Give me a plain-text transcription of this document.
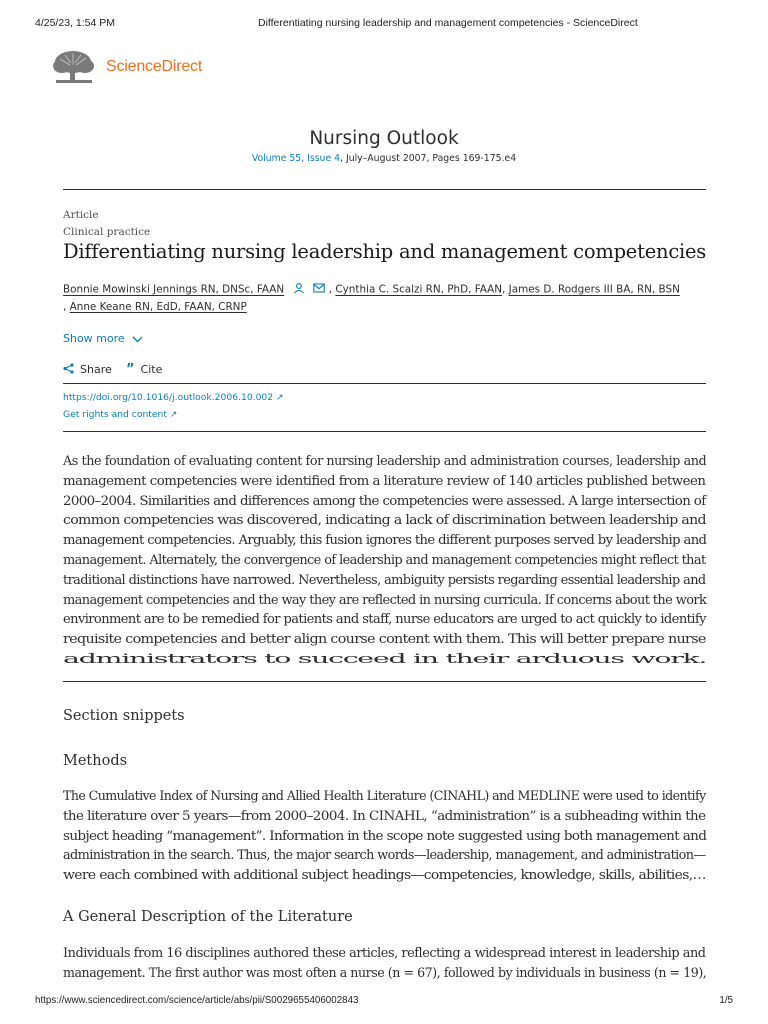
4/25/23, 1:54 PM	Differentiating nursing leadership and management competencies - ScienceDirect
ScienceDirect
Nursing Outlook
Volume 55, Issue 4, July–August 2007, Pages 169-175.e4
Article
Clinical practice
Differentiating nursing leadership and management competencies
Bonnie Mowinski Jennings RN, DNSc, FAAN	, Cynthia C. Scalzi RN, PhD, FAAN, James D. Rodgers III BA, RN, BSN
, Anne Keane RN, EdD, FAAN, CRNP
Show more
Share ” Cite
https://doi.org/10.1016/j.outlook.2006.10.002 ↗
Get rights and content ↗
As the foundation of evaluating content for nursing leadership and administration courses, leadership and management competencies were identified from a literature review of 140 articles published between 2000–2004. Similarities and differences among the competencies were assessed. A large intersection of common competencies was discovered, indicating a lack of discrimination between leadership and management competencies. Arguably, this fusion ignores the different purposes served by leadership and management. Alternately, the convergence of leadership and management competencies might reflect that traditional distinctions have narrowed. Nevertheless, ambiguity persists regarding essential leadership and management competencies and the way they are reflected in nursing curricula. If concerns about the work environment are to be remedied for patients and staff, nurse educators are urged to act quickly to identify requisite competencies and better align course content with them. This will better prepare nurse administrators to succeed in their arduous work.
Section snippets
Methods
The Cumulative Index of Nursing and Allied Health Literature (CINAHL) and MEDLINE were used to identify the literature over 5 years—from 2000–2004. In CINAHL, “administration” is a subheading within the subject heading “management”. Information in the scope note suggested using both management and administration in the search. Thus, the major search words—leadership, management, and administration— were each combined with additional subject headings—competencies, knowledge, skills, abilities,…
A General Description of the Literature
Individuals from 16 disciplines authored these articles, reflecting a widespread interest in leadership and
management. The first author was most often a nurse (n = 67), followed by individuals in business (n = 19),
https://www.sciencedirect.com/science/article/abs/pii/S0029655406002843	1/5
